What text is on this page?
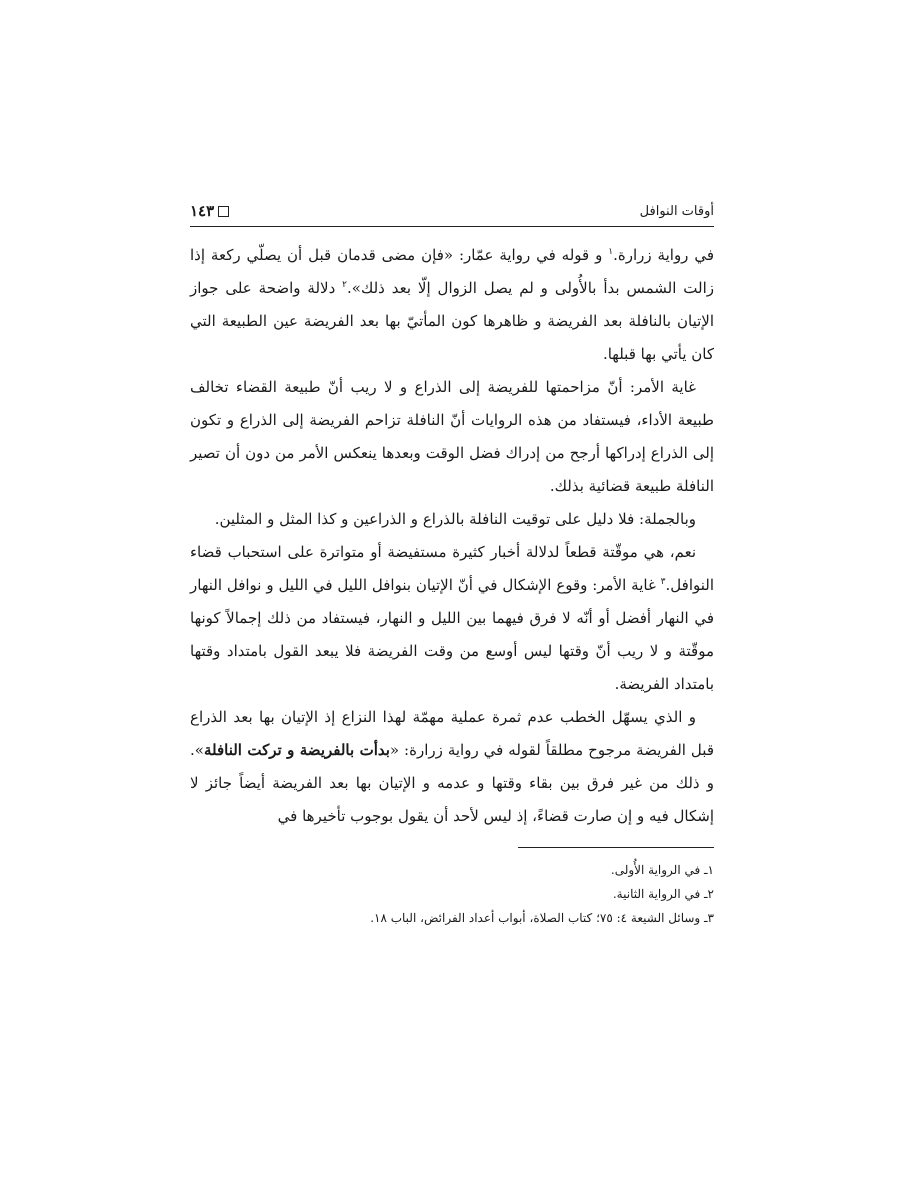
أوقات النوافل
١٤٣

في رواية زرارة.$^١$ و قوله في رواية عمّار: «فإن مضى قدمان قبل أن يصلّي ركعة إذا زالت الشمس بدأ بالأُولى و لم يصل الزوال إلّا بعد ذلك».$^٢$ دلالة واضحة على جواز الإتيان بالنافلة بعد الفريضة و ظاهرها كون المأتيّ بها بعد الفريضة عين الطبيعة التي كان يأتي بها قبلها.

غاية الأمر: أنّ مزاحمتها للفريضة إلى الذراع و لا ريب أنّ طبيعة القضاء تخالف طبيعة الأداء، فيستفاد من هذه الروايات أنّ النافلة تزاحم الفريضة إلى الذراع و تكون إلى الذراع إدراكها أرجح من إدراك فضل الوقت وبعدها ينعكس الأمر من دون أن تصير النافلة طبيعة قضائية بذلك.

وبالجملة: فلا دليل على توقيت النافلة بالذراع و الذراعين و كذا المثل و المثلين.

نعم، هي موقّتة قطعاً لدلالة أخبار كثيرة مستفيضة أو متواترة على استحباب قضاء النوافل.$^٣$ غاية الأمر: وقوع الإشكال في أنّ الإتيان بنوافل الليل في الليل و نوافل النهار في النهار أفضل أو أنّه لا فرق فيهما بين الليل و النهار، فيستفاد من ذلك إجمالاً كونها موقّتة و لا ريب أنّ وقتها ليس أوسع من وقت الفريضة فلا يبعد القول بامتداد وقتها بامتداد الفريضة.

و الذي يسهّل الخطب عدم ثمرة عملية مهمّة لهذا النزاع إذ الإتيان بها بعد الذراع قبل الفريضة مرجوح مطلقاً لقوله في رواية زرارة: «بدأت بالفريضة و تركت النافلة». و ذلك من غير فرق بين بقاء وقتها و عدمه و الإتيان بها بعد الفريضة أيضاً جائز لا إشكال فيه و إن صارت قضاءً، إذ ليس لأحد أن يقول بوجوب تأخيرها في

١ـ في الرواية الأُولى.

٢ـ في الرواية الثانية.

٣ـ وسائل الشيعة ٤: ٧٥؛ كتاب الصلاة، أبواب أعداد الفرائض، الباب ١٨.
